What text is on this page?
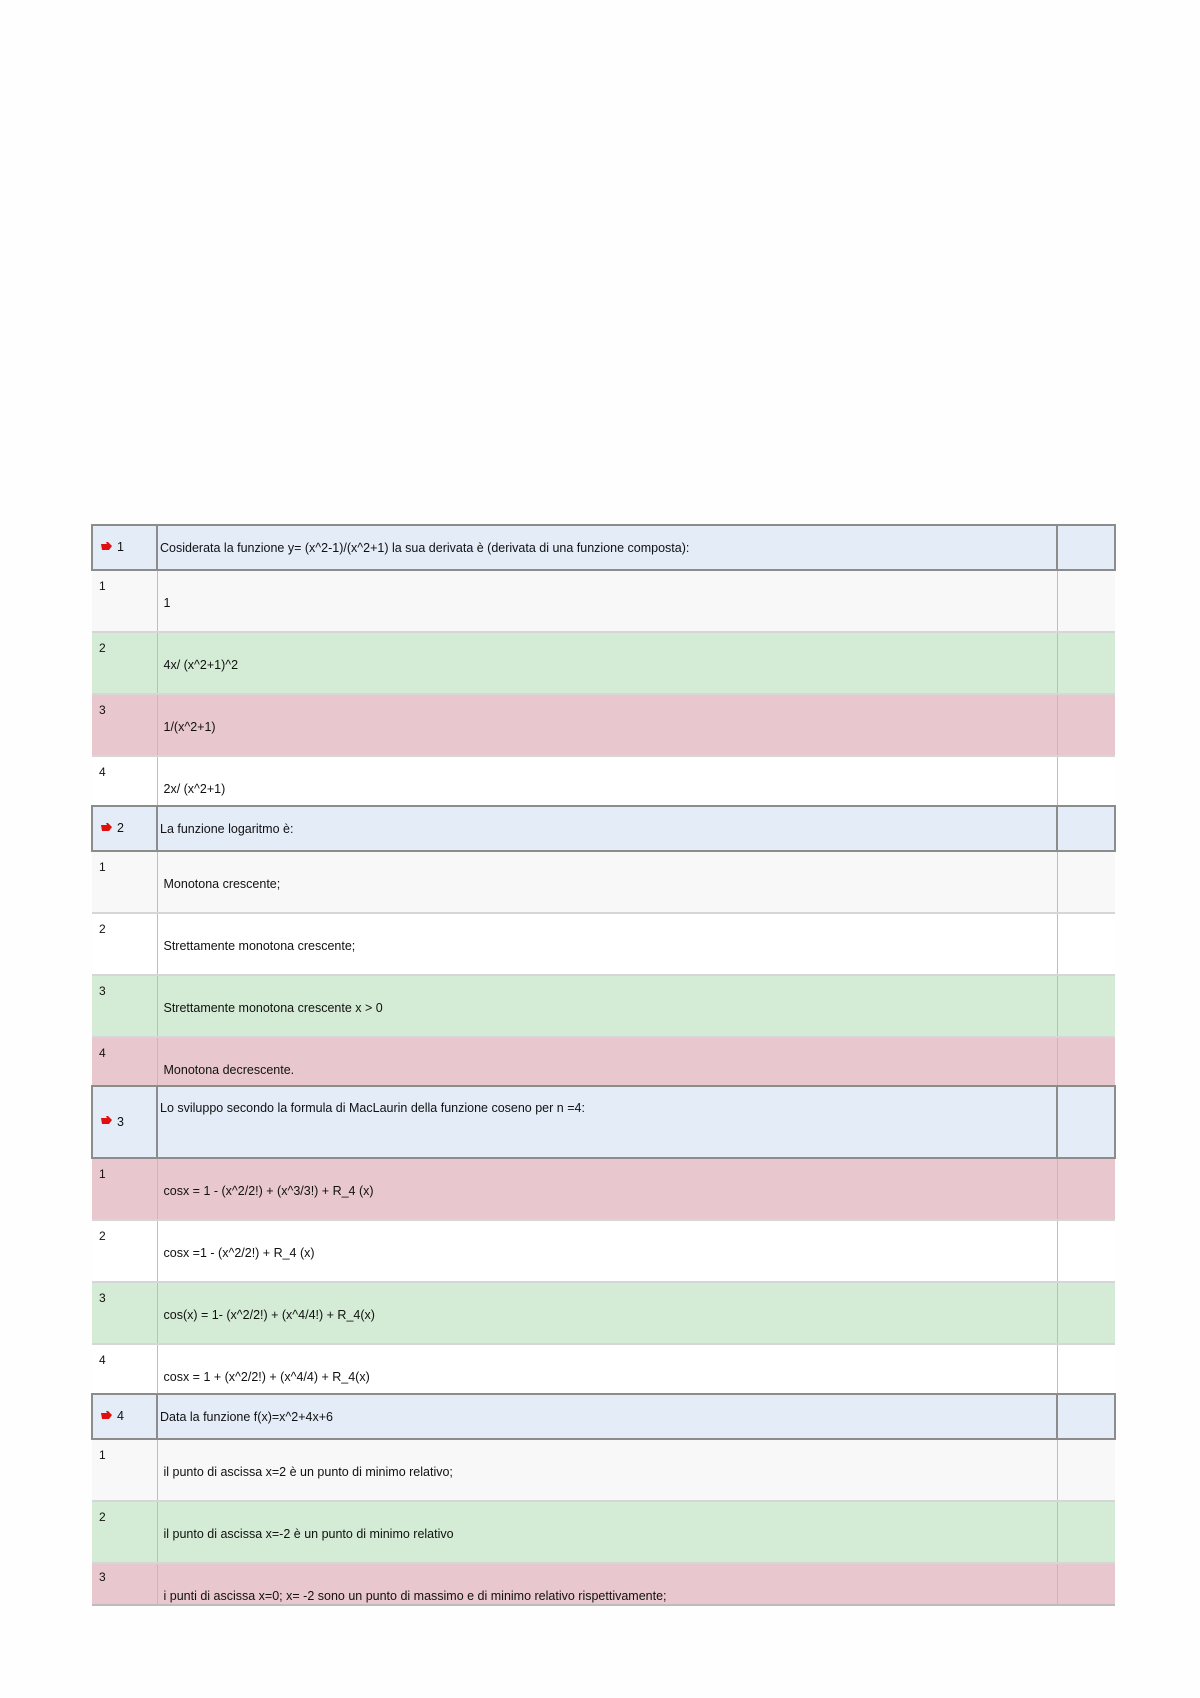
1	Cosiderata la funzione y= (x^2-1)/(x^2+1) la sua derivata è (derivata di una funzione composta):	
1	1	
2	4x/ (x^2+1)^2	
3	1/(x^2+1)	
4	2x/ (x^2+1)	
2	La funzione logaritmo è:	
1	Monotona crescente;	
2	Strettamente monotona crescente;	
3	Strettamente monotona crescente x > 0	
4	Monotona decrescente.	
3	Lo sviluppo secondo la formula di MacLaurin della funzione coseno per n =4:	
1	cosx = 1 - (x^2/2!) + (x^3/3!) + R_4 (x)	
2	cosx =1 - (x^2/2!) + R_4 (x)	
3	cos(x) = 1- (x^2/2!) + (x^4/4!) + R_4(x)	
4	cosx = 1 + (x^2/2!) + (x^4/4) + R_4(x)	
4	Data la funzione f(x)=x^2+4x+6	
1	il punto di ascissa x=2 è un punto di minimo relativo;	
2	il punto di ascissa x=-2 è un punto di minimo relativo	
3	i punti di ascissa x=0; x= -2 sono un punto di massimo e di minimo relativo rispettivamente;	
